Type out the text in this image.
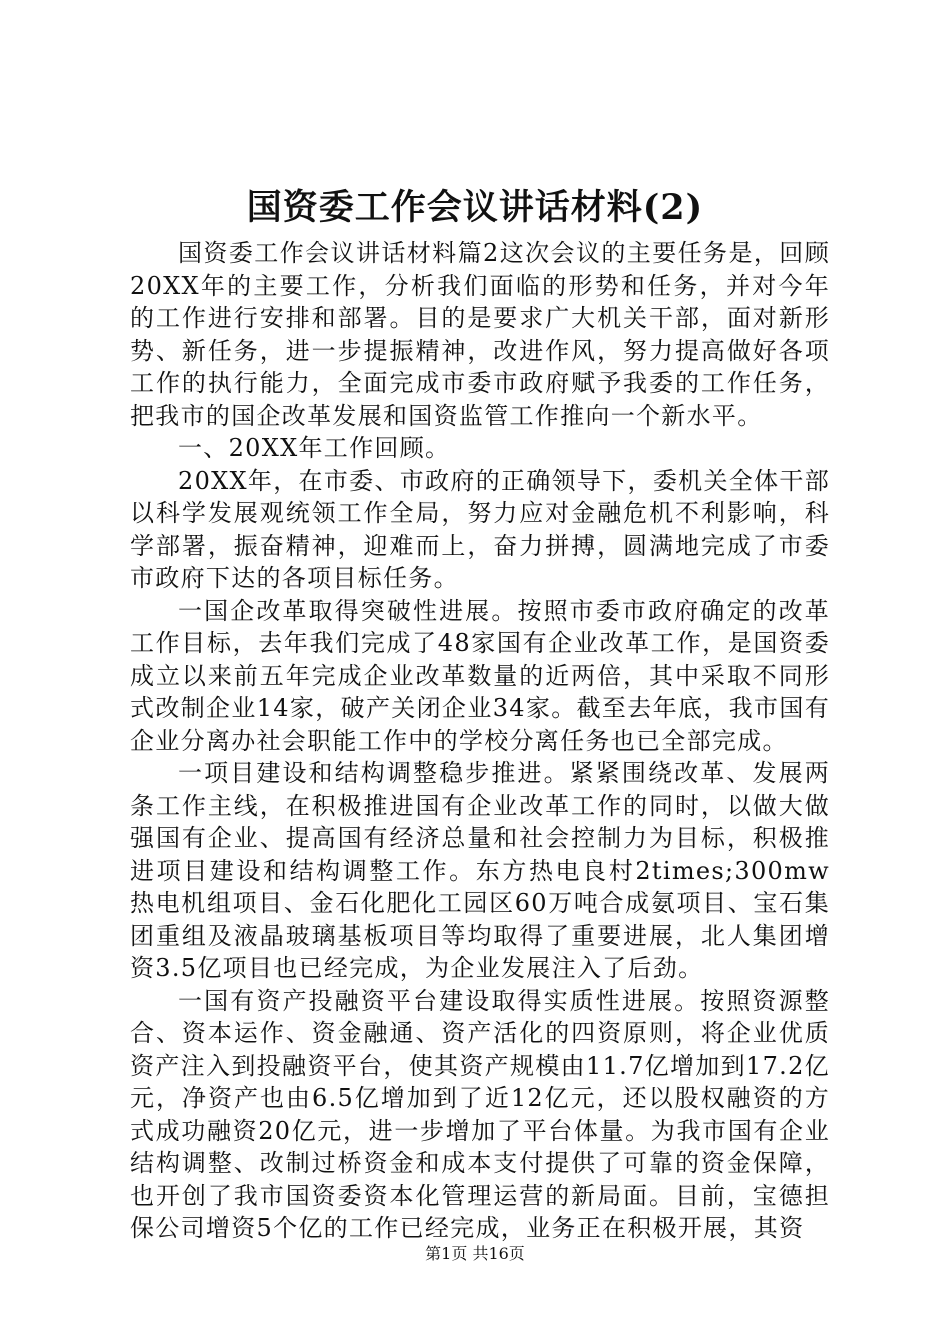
国资委工作会议讲话材料(2)

国资委工作会议讲话材料篇2这次会议的主要任务是，回顾20XX年的主要工作，分析我们面临的形势和任务，并对今年的工作进行安排和部署。目的是要求广大机关干部，面对新形势、新任务，进一步提振精神，改进作风，努力提高做好各项工作的执行能力，全面完成市委市政府赋予我委的工作任务，把我市的国企改革发展和国资监管工作推向一个新水平。

一、20XX年工作回顾。

20XX年，在市委、市政府的正确领导下，委机关全体干部以科学发展观统领工作全局，努力应对金融危机不利影响，科学部署，振奋精神，迎难而上，奋力拼搏，圆满地完成了市委市政府下达的各项目标任务。

一国企改革取得突破性进展。按照市委市政府确定的改革工作目标，去年我们完成了48家国有企业改革工作，是国资委成立以来前五年完成企业改革数量的近两倍，其中采取不同形式改制企业14家，破产关闭企业34家。截至去年底，我市国有企业分离办社会职能工作中的学校分离任务也已全部完成。

一项目建设和结构调整稳步推进。紧紧围绕改革、发展两条工作主线，在积极推进国有企业改革工作的同时，以做大做强国有企业、提高国有经济总量和社会控制力为目标，积极推进项目建设和结构调整工作。东方热电良村2times;300mw热电机组项目、金石化肥化工园区60万吨合成氨项目、宝石集团重组及液晶玻璃基板项目等均取得了重要进展，北人集团增资3.5亿项目也已经完成，为企业发展注入了后劲。

一国有资产投融资平台建设取得实质性进展。按照资源整合、资本运作、资金融通、资产活化的四资原则，将企业优质资产注入到投融资平台，使其资产规模由11.7亿增加到17.2亿元，净资产也由6.5亿增加到了近12亿元，还以股权融资的方式成功融资20亿元，进一步增加了平台体量。为我市国有企业结构调整、改制过桥资金和成本支付提供了可靠的资金保障，也开创了我市国资委资本化管理运营的新局面。目前，宝德担保公司增资5个亿的工作已经完成，业务正在积极开展，其资

第1页 共16页
